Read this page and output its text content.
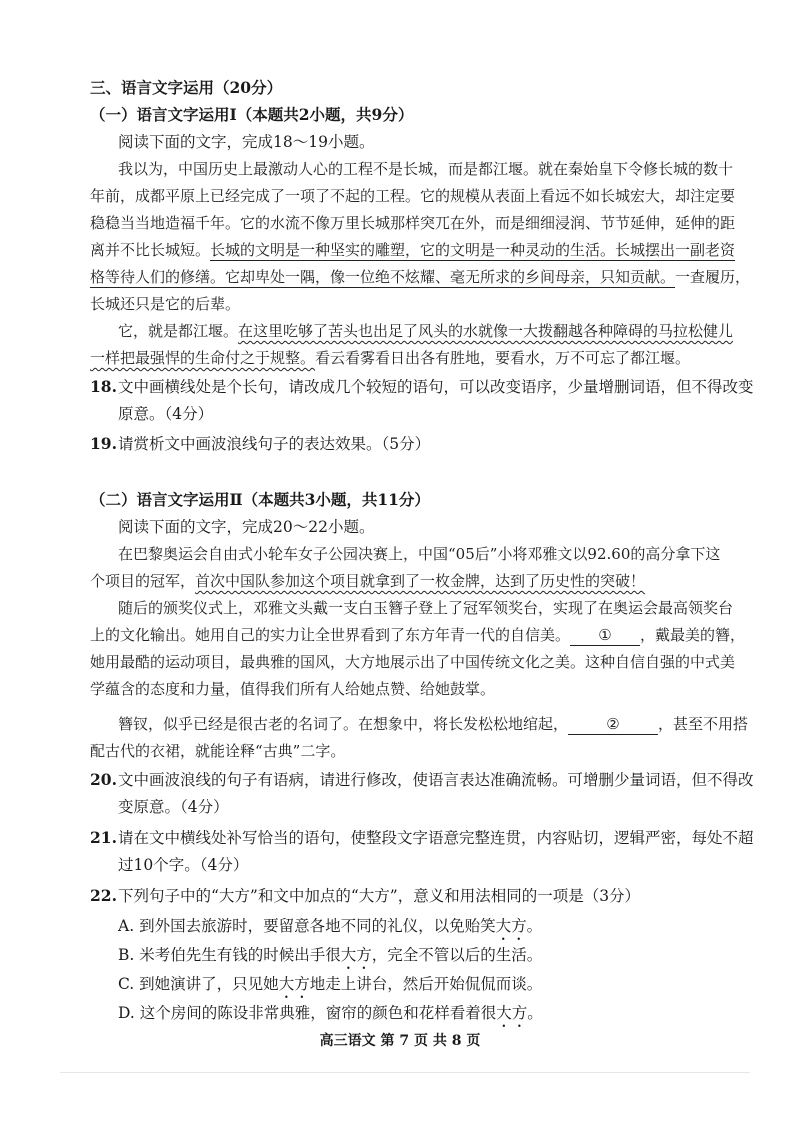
三、语言文字运用（20分）
（一）语言文字运用Ⅰ（本题共2小题，共9分）
阅读下面的文字，完成18～19小题。
我以为，中国历史上最激动人心的工程不是长城，而是都江堰。就在秦始皇下令修长城的数十
年前，成都平原上已经完成了一项了不起的工程。它的规模从表面上看远不如长城宏大，却注定要
稳稳当当地造福千年。它的水流不像万里长城那样突兀在外，而是细细浸润、节节延伸，延伸的距
离并不比长城短。长城的文明是一种坚实的雕塑，它的文明是一种灵动的生活。长城摆出一副老资
格等待人们的修缮。它却卑处一隅，像一位绝不炫耀、毫无所求的乡间母亲，只知贡献。一查履历，
长城还只是它的后辈。
它，就是都江堰。在这里吃够了苦头也出足了风头的水就像一大拨翻越各种障碍的马拉松健儿
一样把最强悍的生命付之于规整。看云看雾看日出各有胜地，要看水，万不可忘了都江堰。
18. 文中画横线处是个长句，请改成几个较短的语句，可以改变语序，少量增删词语，但不得改变
原意。（4分）
19. 请赏析文中画波浪线句子的表达效果。（5分）
（二）语言文字运用Ⅱ（本题共3小题，共11分）
阅读下面的文字，完成20～22小题。
在巴黎奥运会自由式小轮车女子公园决赛上，中国“05后”小将邓雅文以92.60的高分拿下这
个项目的冠军，首次中国队参加这个项目就拿到了一枚金牌，达到了历史性的突破！
随后的颁奖仪式上，邓雅文头戴一支白玉簪子登上了冠军领奖台，实现了在奥运会最高领奖台
上的文化输出。她用自己的实力让全世界看到了东方年青一代的自信美。 ① ，戴最美的簪，
她用最酷的运动项目，最典雅的国风，大方地展示出了中国传统文化之美。这种自信自强的中式美
学蕴含的态度和力量，值得我们所有人给她点赞、给她鼓掌。
簪钗，似乎已经是很古老的名词了。在想象中，将长发松松地绾起，	②	，甚至不用搭
配古代的衣裙，就能诠释“古典”二字。
20. 文中画波浪线的句子有语病，请进行修改，使语言表达准确流畅。可增删少量词语，但不得改
变原意。（4分）
21. 请在文中横线处补写恰当的语句，使整段文字语意完整连贯，内容贴切，逻辑严密，每处不超
过10个字。（4分）
22. 下列句子中的“大方”和文中加点的“大方”，意义和用法相同的一项是（3分）
A. 到外国去旅游时，要留意各地不同的礼仪，以免贻笑大方。
B. 米考伯先生有钱的时候出手很大方，完全不管以后的生活。
C. 到她演讲了，只见她大方地走上讲台，然后开始侃侃而谈。
D. 这个房间的陈设非常典雅，窗帘的颜色和花样看着很大方。
高三语文 第 7 页 共 8 页
